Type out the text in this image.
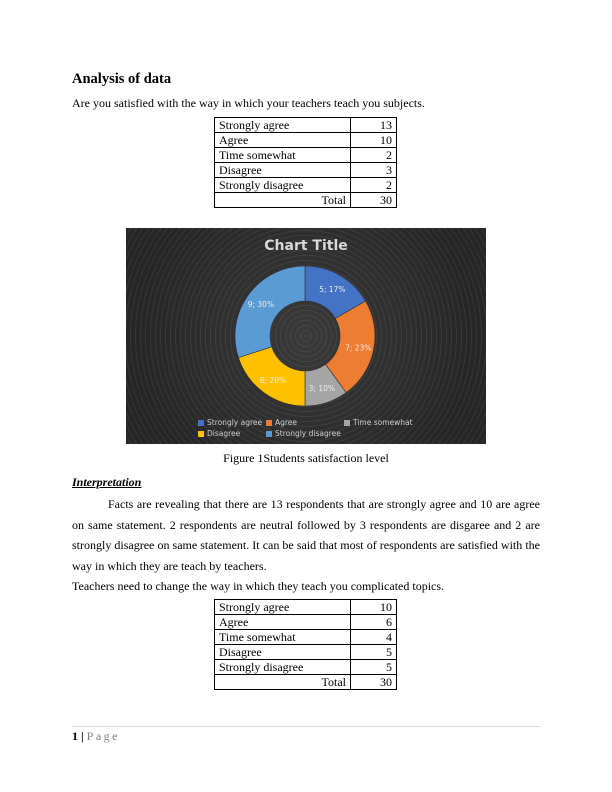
Analysis of data
Are you satisfied with the way in which your teachers teach you subjects.
Strongly agree	13
Agree	10
Time somewhat	2
Disagree	3
Strongly disagree	2
Total	30
Chart Title
5; 17%
7; 23%
3; 10%
6; 20%
9; 30%
Strongly agree	Agree	Time somewhat
Disagree	Strongly disagree
Figure 1Students satisfaction level
Interpretation
Facts are revealing that there are 13 respondents that are strongly agree and 10 are agree on same statement. 2 respondents are neutral followed by 3 respondents are disgaree and 2 are strongly disagree on same statement. It can be said that most of respondents are satisfied with the way in which they are teach by teachers.
Teachers need to change the way in which they teach you complicated topics.
Strongly agree	10
Agree	6
Time somewhat	4
Disagree	5
Strongly disagree	5
Total	30
1 | Page
